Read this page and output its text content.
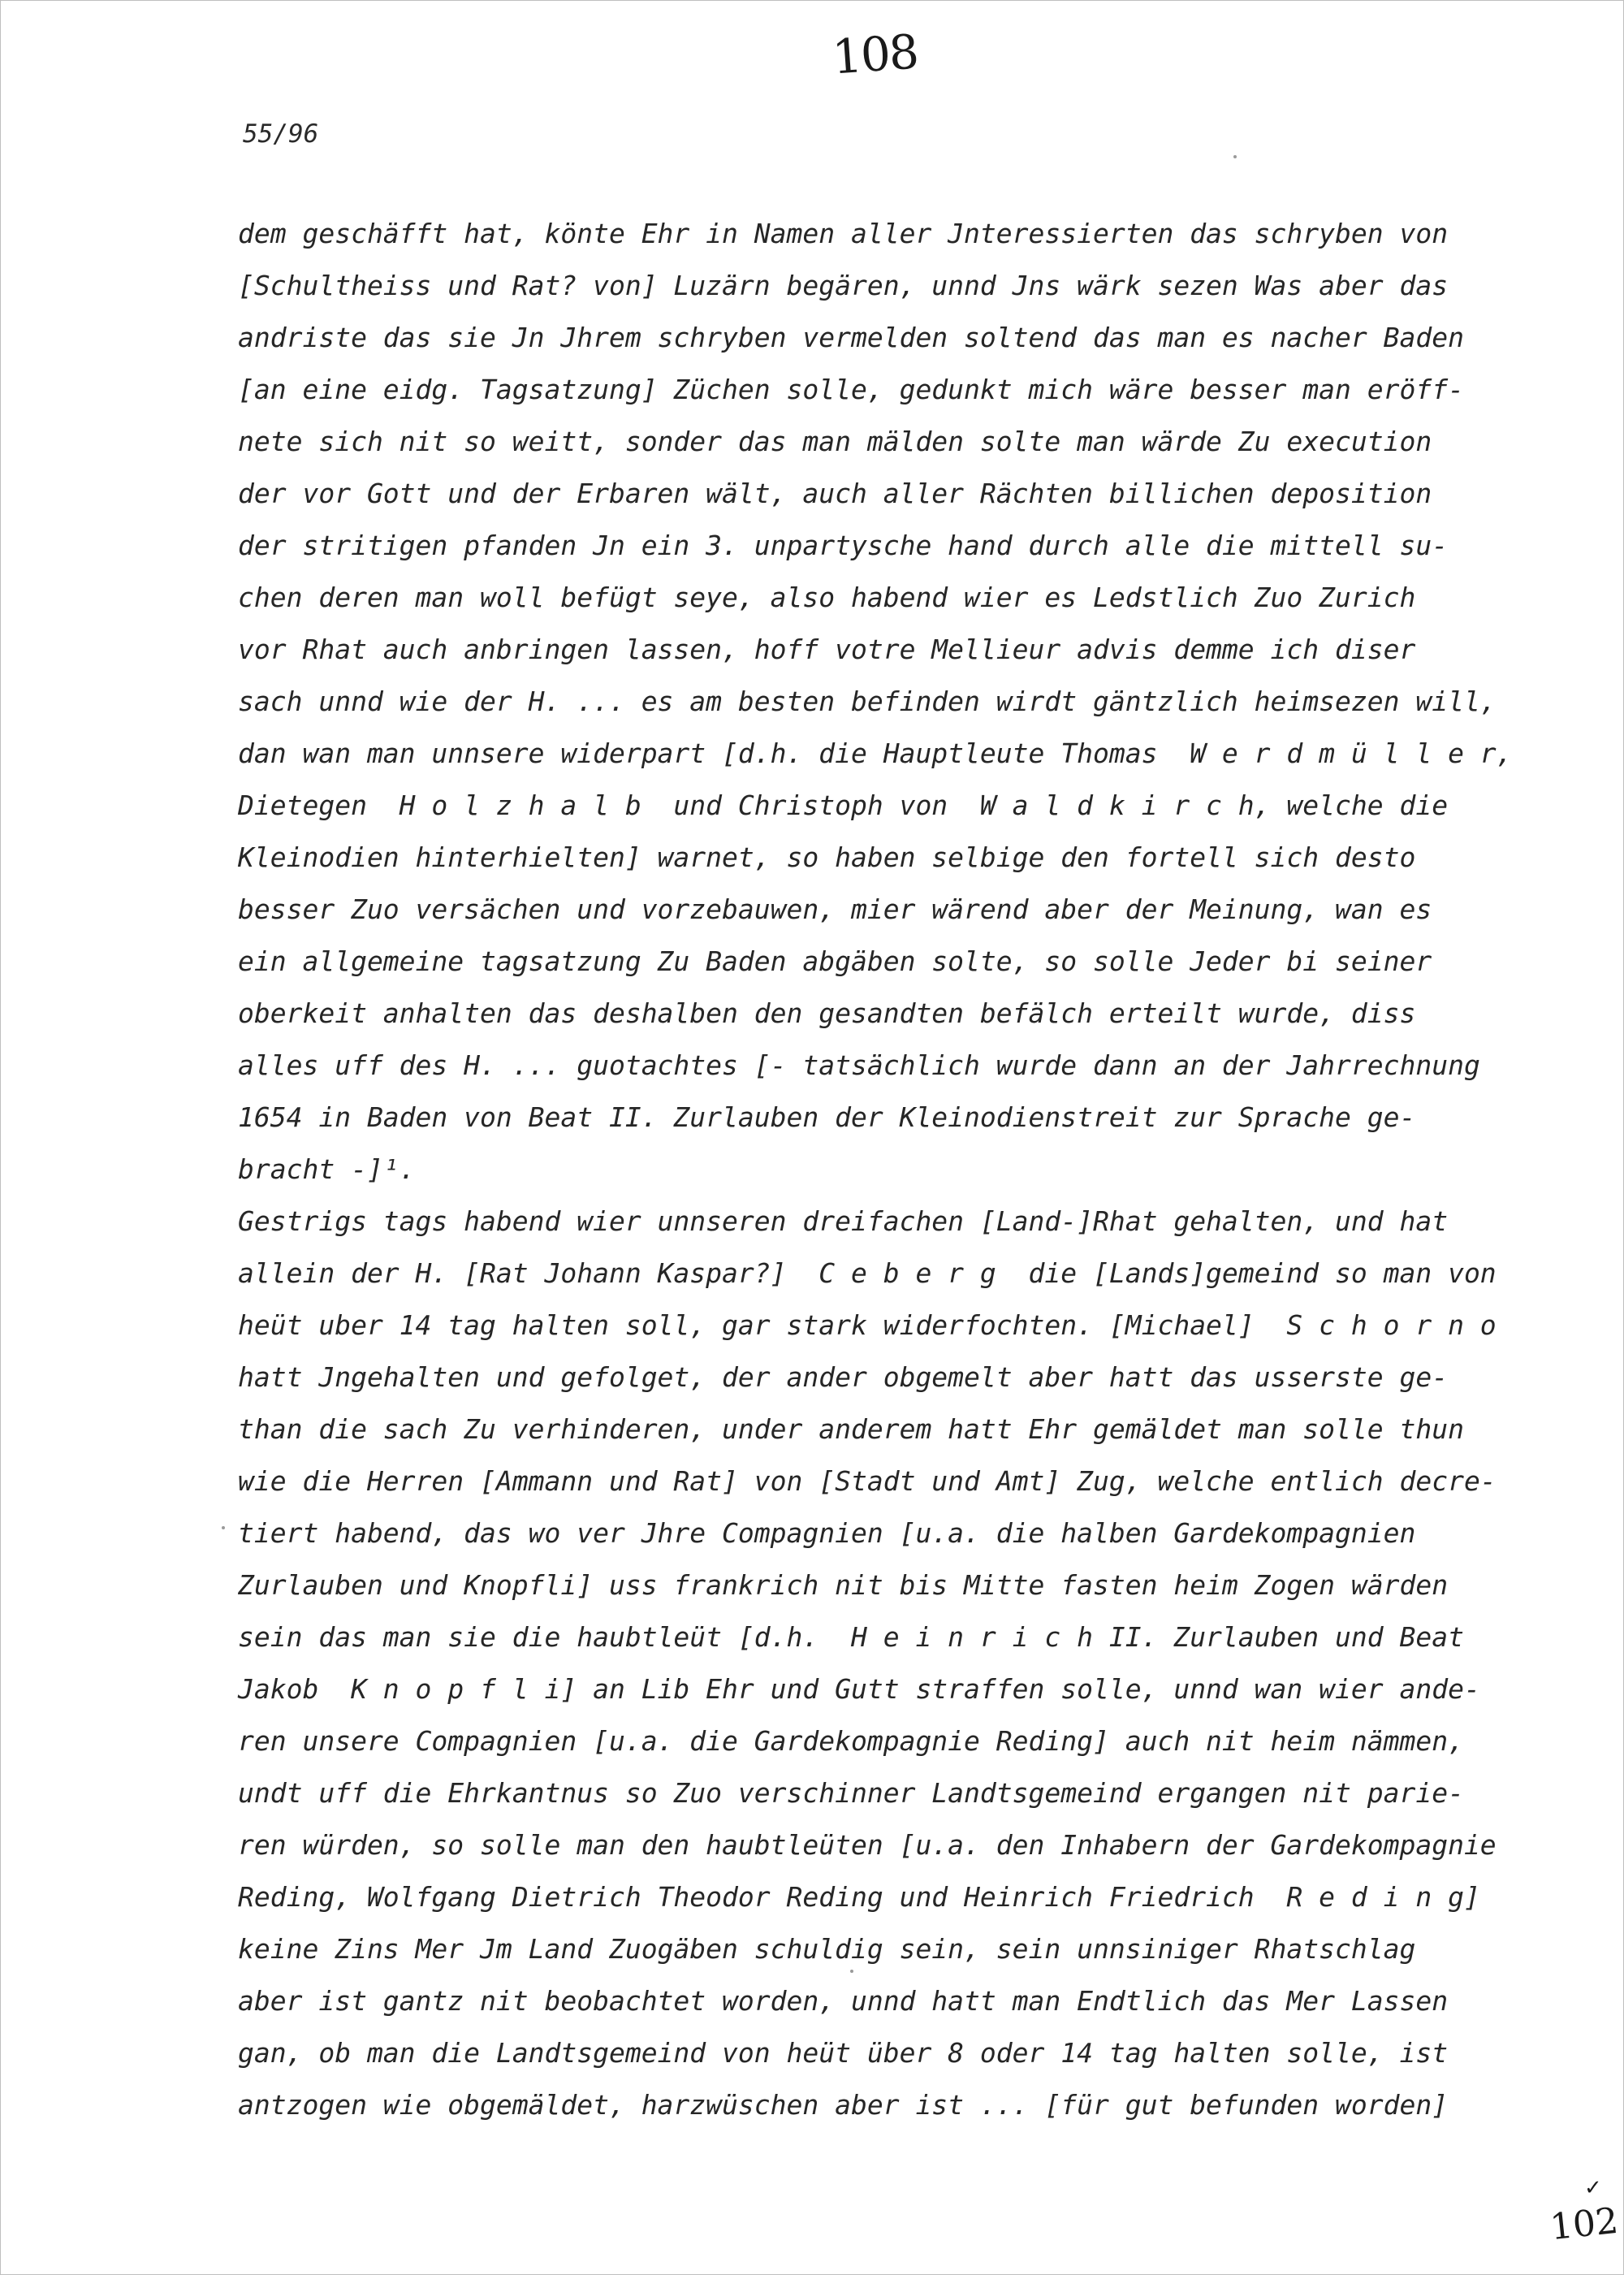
108
55/96
dem geschäfft hat, könte Ehr in Namen aller Jnteressierten das schryben von
[Schultheiss und Rat? von] Luzärn begären, unnd Jns wärk sezen Was aber das
andriste das sie Jn Jhrem schryben vermelden soltend das man es nacher Baden
[an eine eidg. Tagsatzung] Züchen solle, gedunkt mich wäre besser man eröff-
nete sich nit so weitt, sonder das man mälden solte man wärde Zu execution
der vor Gott und der Erbaren wält, auch aller Rächten billichen deposition
der stritigen pfanden Jn ein 3. unpartysche hand durch alle die mittell su-
chen deren man woll befügt seye, also habend wier es Ledstlich Zuo Zurich
vor Rhat auch anbringen lassen, hoff votre Mellieur advis demme ich diser
sach unnd wie der H. ... es am besten befinden wirdt gäntzlich heimsezen will,
dan wan man unnsere widerpart [d.h. die Hauptleute Thomas  W e r d m ü l l e r,
Dietegen  H o l z h a l b  und Christoph von  W a l d k i r c h, welche die
Kleinodien hinterhielten] warnet, so haben selbige den fortell sich desto
besser Zuo versächen und vorzebauwen, mier wärend aber der Meinung, wan es
ein allgemeine tagsatzung Zu Baden abgäben solte, so solle Jeder bi seiner
oberkeit anhalten das deshalben den gesandten befälch erteilt wurde, diss
alles uff des H. ... guotachtes [- tatsächlich wurde dann an der Jahrrechnung
1654 in Baden von Beat II. Zurlauben der Kleinodienstreit zur Sprache ge-
bracht -]¹.
Gestrigs tags habend wier unnseren dreifachen [Land-]Rhat gehalten, und hat
allein der H. [Rat Johann Kaspar?]  C e b e r g  die [Lands]gemeind so man von
heüt uber 14 tag halten soll, gar stark widerfochten. [Michael]  S c h o r n o
hatt Jngehalten und gefolget, der ander obgemelt aber hatt das usserste ge-
than die sach Zu verhinderen, under anderem hatt Ehr gemäldet man solle thun
wie die Herren [Ammann und Rat] von [Stadt und Amt] Zug, welche entlich decre-
tiert habend, das wo ver Jhre Compagnien [u.a. die halben Gardekompagnien
Zurlauben und Knopfli] uss frankrich nit bis Mitte fasten heim Zogen wärden
sein das man sie die haubtleüt [d.h.  H e i n r i c h II. Zurlauben und Beat
Jakob  K n o p f l i] an Lib Ehr und Gutt straffen solle, unnd wan wier ande-
ren unsere Compagnien [u.a. die Gardekompagnie Reding] auch nit heim nämmen,
undt uff die Ehrkantnus so Zuo verschinner Landtsgemeind ergangen nit parie-
ren würden, so solle man den haubtleüten [u.a. den Inhabern der Gardekompagnie
Reding, Wolfgang Dietrich Theodor Reding und Heinrich Friedrich  R e d i n g]
keine Zins Mer Jm Land Zuogäben schuldig sein, sein unnsiniger Rhatschlag
aber ist gantz nit beobachtet worden, unnd hatt man Endtlich das Mer Lassen
gan, ob man die Landtsgemeind von heüt über 8 oder 14 tag halten solle, ist
antzogen wie obgemäldet, harzwüschen aber ist ... [für gut befunden worden]
✓
102
